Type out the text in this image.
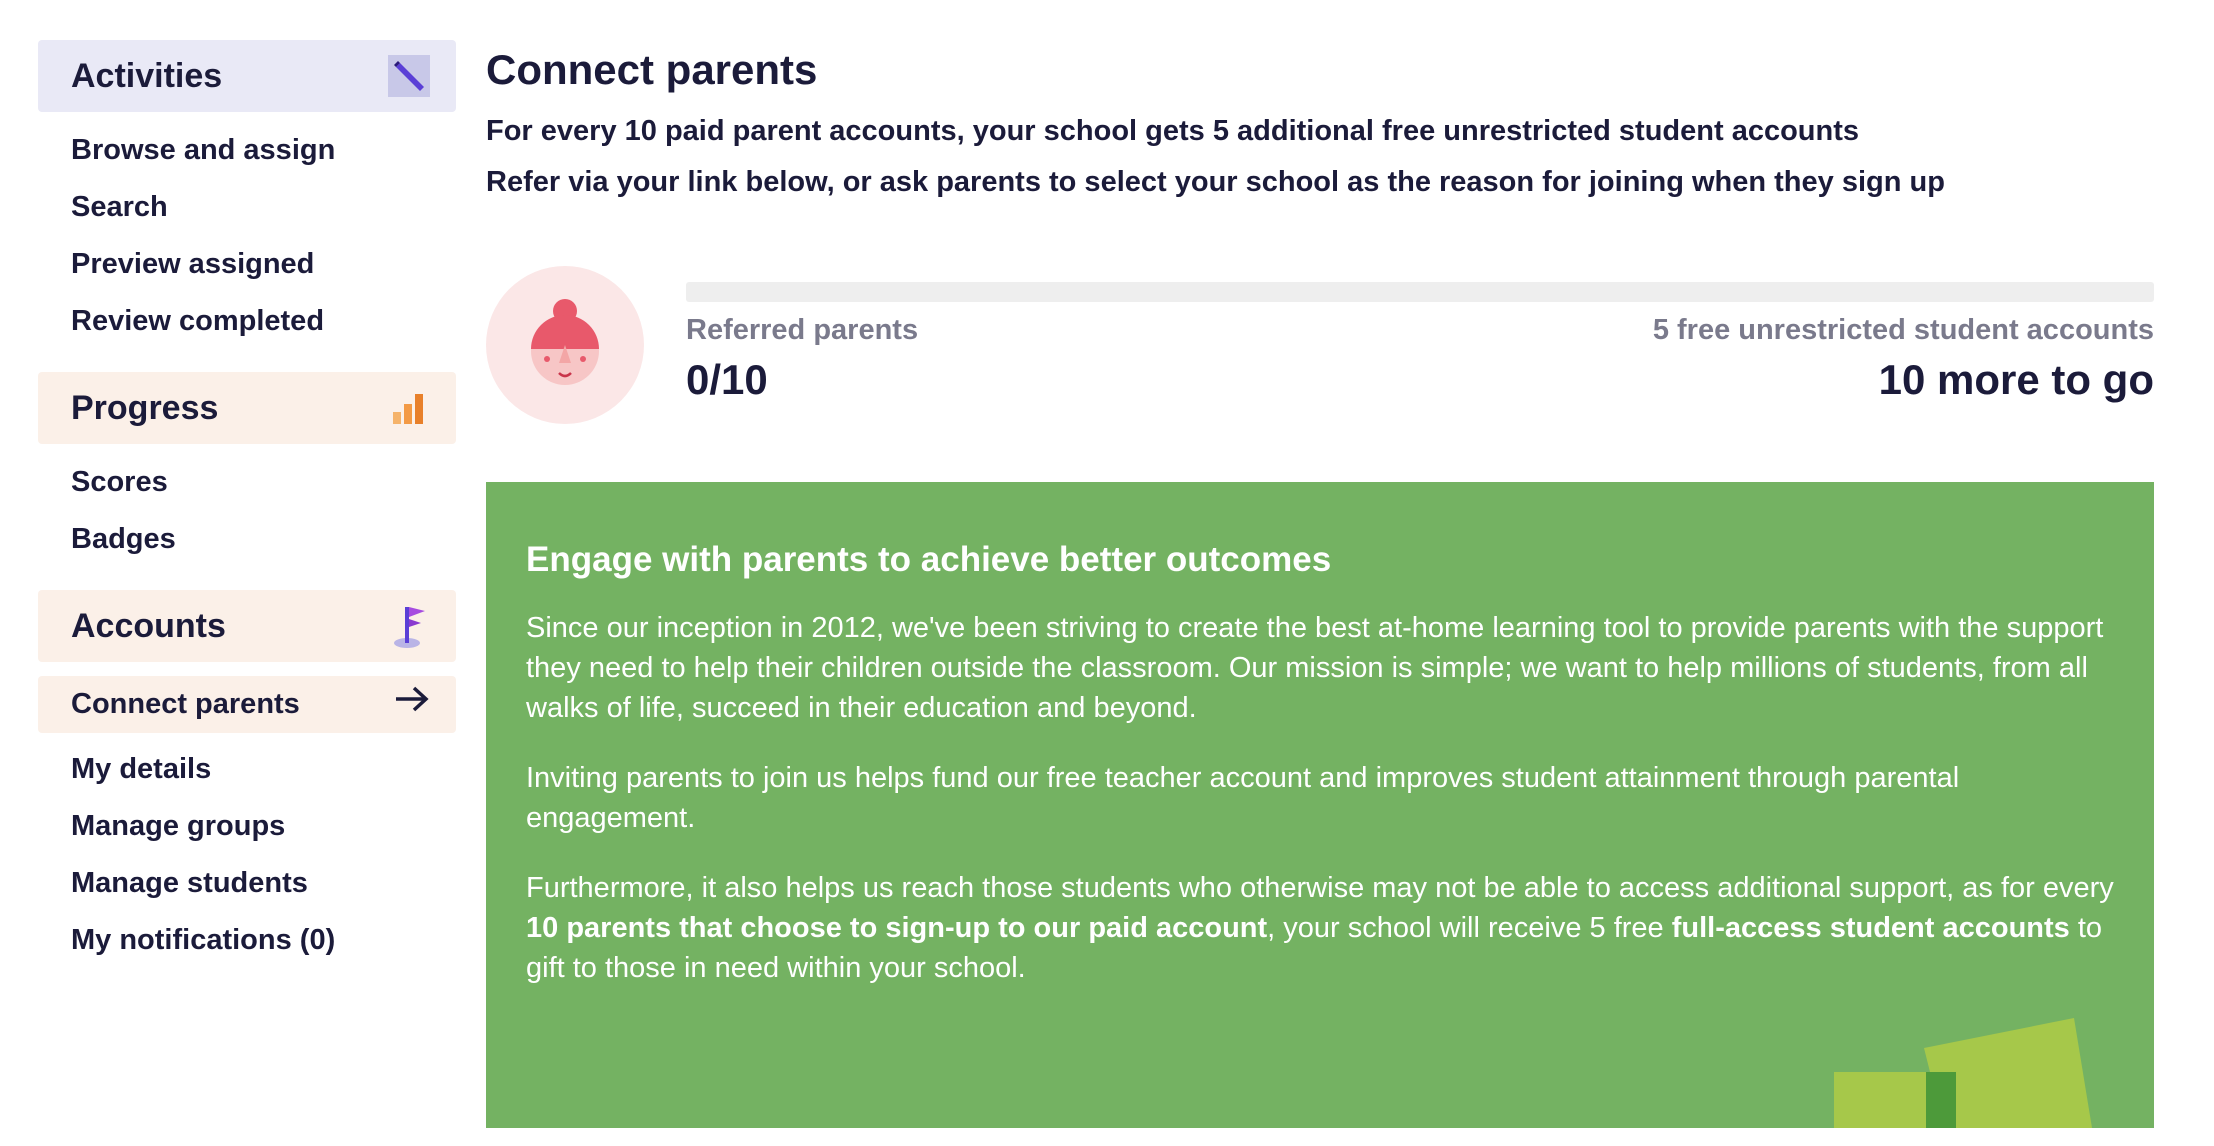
Activities
Browse and assign
Search
Preview assigned
Review completed
Progress
Scores
Badges
Accounts
Connect parents
My details
Manage groups
Manage students
My notifications (0)
Connect parents

For every 10 paid parent accounts, your school gets 5 additional free unrestricted student accounts

Refer via your link below, or ask parents to select your school as the reason for joining when they sign up

Referred parents
0/10
5 free unrestricted student accounts
10 more to go
Engage with parents to achieve better outcomes

Since our inception in 2012, we've been striving to create the best at-home learning tool to provide parents with the support they need to help their children outside the classroom. Our mission is simple; we want to help millions of students, from all walks of life, succeed in their education and beyond.

Inviting parents to join us helps fund our free teacher account and improves student attainment through parental engagement.

Furthermore, it also helps us reach those students who otherwise may not be able to access additional support, as for every 10 parents that choose to sign-up to our paid account, your school will receive 5 free full-access student accounts to gift to those in need within your school.
